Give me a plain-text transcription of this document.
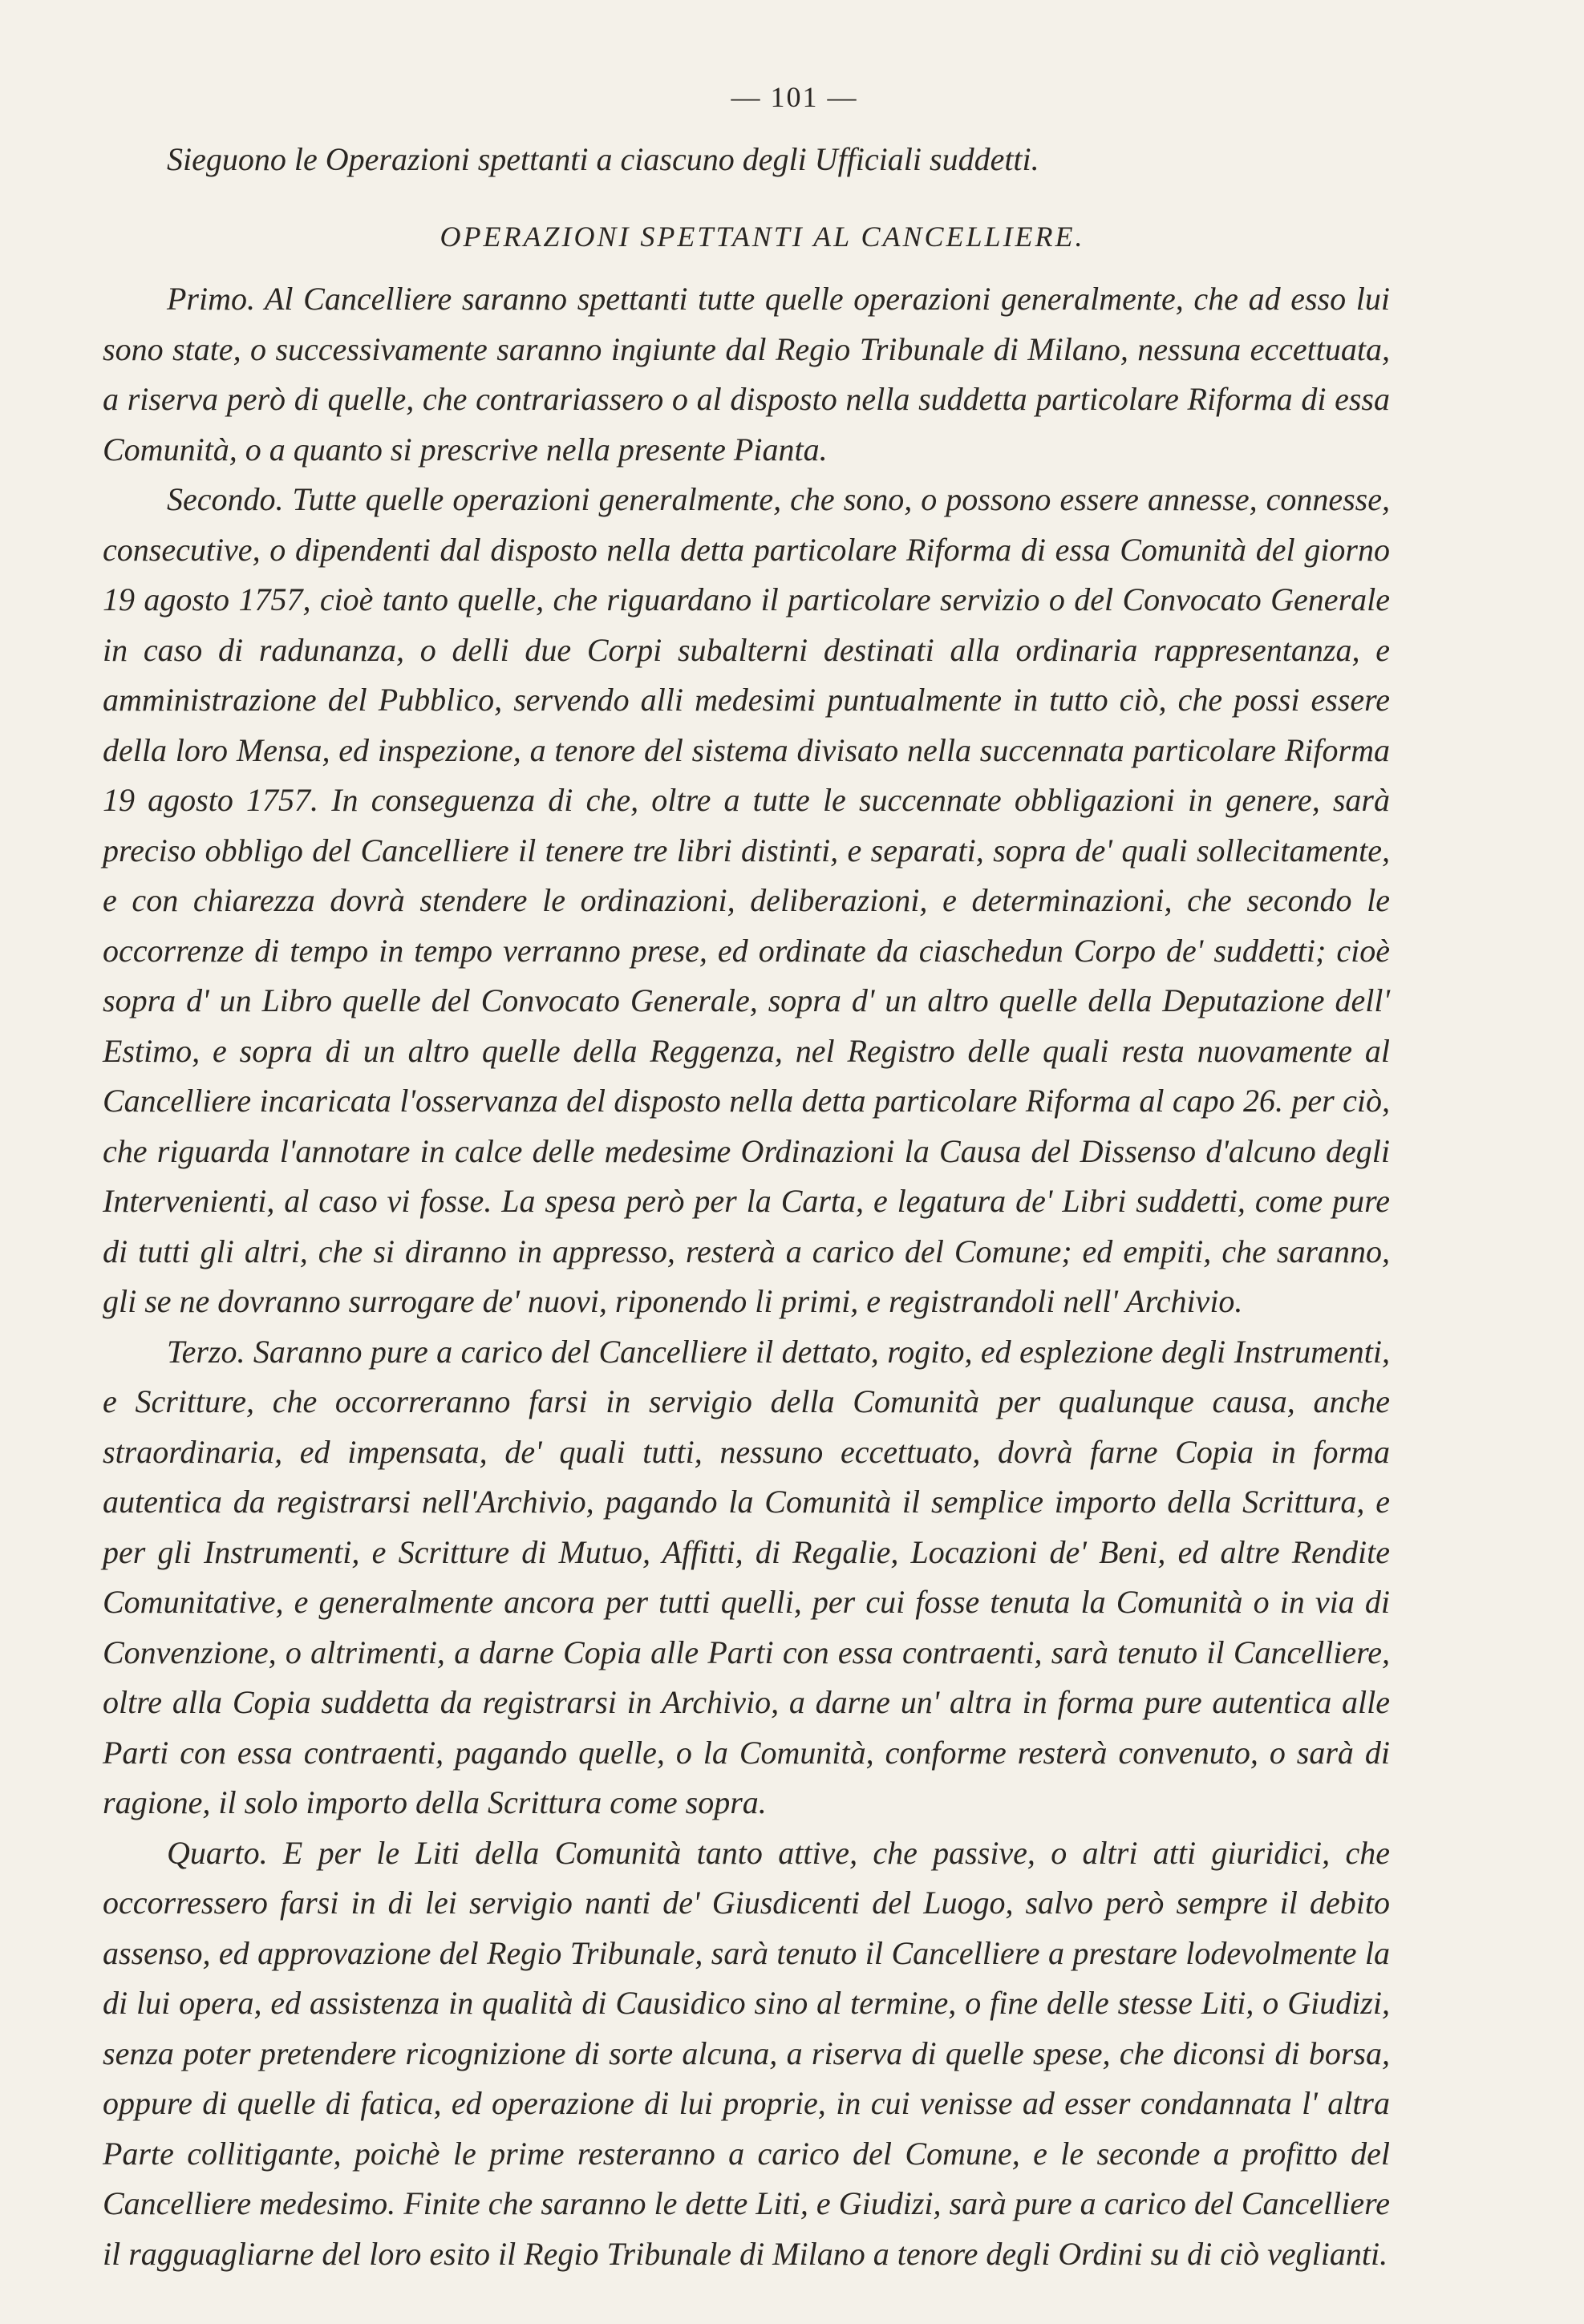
— 101 —

Sieguono le Operazioni spettanti a ciascuno degli Ufficiali suddetti.

OPERAZIONI SPETTANTI AL CANCELLIERE.

Primo. Al Cancelliere saranno spettanti tutte quelle operazioni generalmente, che ad esso lui sono state, o successivamente saranno ingiunte dal Regio Tribunale di Milano, nessuna eccettuata, a riserva però di quelle, che contrariassero o al disposto nella suddetta particolare Riforma di essa Comunità, o a quanto si prescrive nella presente Pianta.

Secondo. Tutte quelle operazioni generalmente, che sono, o possono essere annesse, connesse, consecutive, o dipendenti dal disposto nella detta particolare Riforma di essa Comunità del giorno 19 agosto 1757, cioè tanto quelle, che riguardano il particolare servizio o del Convocato Generale in caso di radunanza, o delli due Corpi subalterni destinati alla ordinaria rappresentanza, e amministrazione del Pubblico, servendo alli medesimi puntualmente in tutto ciò, che possi essere della loro Mensa, ed inspezione, a tenore del sistema divisato nella succennata particolare Riforma 19 agosto 1757. In conseguenza di che, oltre a tutte le succennate obbligazioni in genere, sarà preciso obbligo del Cancelliere il tenere tre libri distinti, e separati, sopra de' quali sollecitamente, e con chiarezza dovrà stendere le ordinazioni, deliberazioni, e determinazioni, che secondo le occorrenze di tempo in tempo verranno prese, ed ordinate da ciaschedun Corpo de' suddetti; cioè sopra d' un Libro quelle del Convocato Generale, sopra d' un altro quelle della Deputazione dell' Estimo, e sopra di un altro quelle della Reggenza, nel Registro delle quali resta nuovamente al Cancelliere incaricata l'osservanza del disposto nella detta particolare Riforma al capo 26. per ciò, che riguarda l'annotare in calce delle medesime Ordinazioni la Causa del Dissenso d'alcuno degli Intervenienti, al caso vi fosse. La spesa però per la Carta, e legatura de' Libri suddetti, come pure di tutti gli altri, che si diranno in appresso, resterà a carico del Comune; ed empiti, che saranno, gli se ne dovranno surrogare de' nuovi, riponendo li primi, e registrandoli nell' Archivio.

Terzo. Saranno pure a carico del Cancelliere il dettato, rogito, ed esplezione degli Instrumenti, e Scritture, che occorreranno farsi in servigio della Comunità per qualunque causa, anche straordinaria, ed impensata, de' quali tutti, nessuno eccettuato, dovrà farne Copia in forma autentica da registrarsi nell'Archivio, pagando la Comunità il semplice importo della Scrittura, e per gli Instrumenti, e Scritture di Mutuo, Affitti, di Regalie, Locazioni de' Beni, ed altre Rendite Comunitative, e generalmente ancora per tutti quelli, per cui fosse tenuta la Comunità o in via di Convenzione, o altrimenti, a darne Copia alle Parti con essa contraenti, sarà tenuto il Cancelliere, oltre alla Copia suddetta da registrarsi in Archivio, a darne un' altra in forma pure autentica alle Parti con essa contraenti, pagando quelle, o la Comunità, conforme resterà convenuto, o sarà di ragione, il solo importo della Scrittura come sopra.

Quarto. E per le Liti della Comunità tanto attive, che passive, o altri atti giuridici, che occorressero farsi in di lei servigio nanti de' Giusdicenti del Luogo, salvo però sempre il debito assenso, ed approvazione del Regio Tribunale, sarà tenuto il Cancelliere a prestare lodevolmente la di lui opera, ed assistenza in qualità di Causidico sino al termine, o fine delle stesse Liti, o Giudizi, senza poter pretendere ricognizione di sorte alcuna, a riserva di quelle spese, che diconsi di borsa, oppure di quelle di fatica, ed operazione di lui proprie, in cui venisse ad esser condannata l' altra Parte collitigante, poichè le prime resteranno a carico del Comune, e le seconde a profitto del Cancelliere medesimo. Finite che saranno le dette Liti, e Giudizi, sarà pure a carico del Cancelliere il ragguagliarne del loro esito il Regio Tribunale di Milano a tenore degli Ordini su di ciò veglianti.
